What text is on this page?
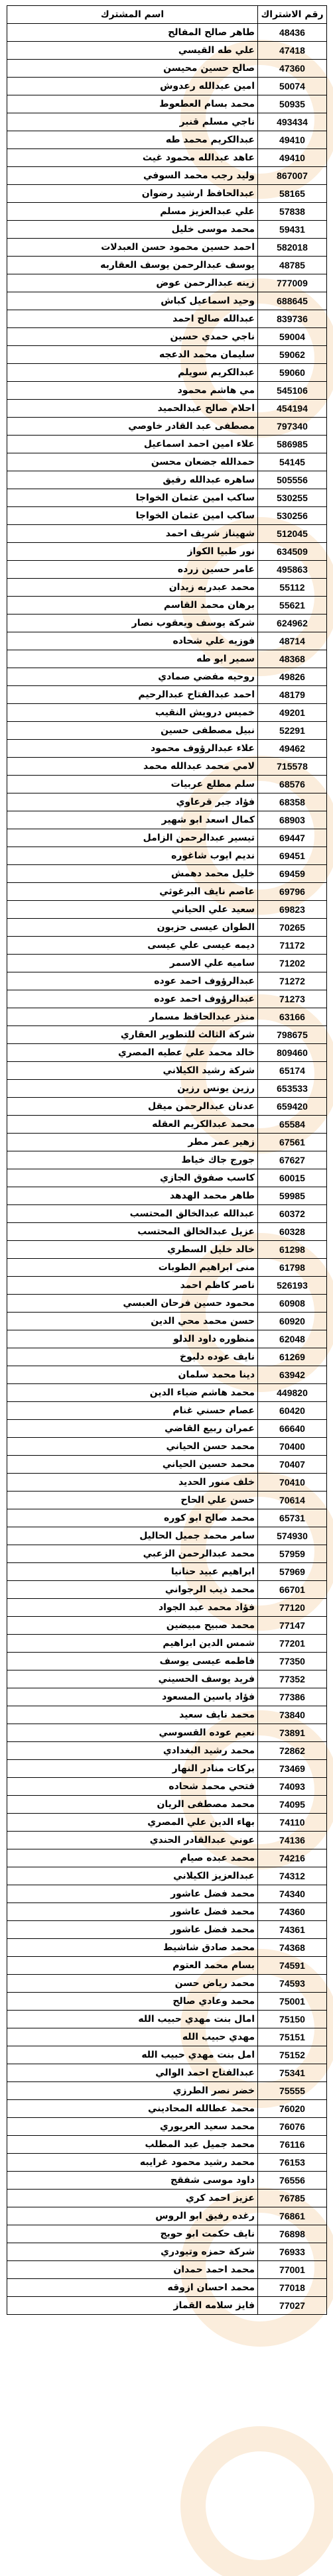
رقم الاشتراك	اسم المشترك
48436	طاهر صالح المفالح
47418	علي طه القيسي
47360	صالح حسين محيسن
50074	امين عبدالله رعدوش
50935	محمد بسام العطعوط
493434	ناجي مسلم قنبر
49410	عبدالكريم محمد طه
49410	عاهد عبدالله محمود غيث
867007	وليد رجب محمد السوفي
58165	عبدالحافظ ارشيد رضوان
57838	علي عبدالعزيز مسلم
59431	محمد موسى خليل
582018	احمد حسين محمود حسن العبدلات
48785	يوسف عبدالرحمن يوسف العقاربه
777009	زينه عبدالرحمن عوض
688645	وحيد اسماعيل كباش
839736	عبدالله صالح احمد
59004	ناجي حمدي حسين
59062	سليمان محمد الدعجه
59060	عبدالكريم سويلم
545106	مي هاشم محمود
454194	احلام صالح عبدالحميد
797340	مصطفى عبد القادر خاوصي
586985	علاء امين احمد اسماعيل
54145	حمدالله جضعان محسن
505556	ساهره عبدالله رفيق
530255	ساكب امين عثمان الخواجا
530256	ساكب امين عثمان الخواجا
512045	شهيناز شريف احمد
634509	نور طبيا الكواز
495863	عامر حسين زرده
55112	محمد عبدربه زيدان
55621	برهان محمد القاسم
624962	شركة يوسف ويعقوب نصار
48714	فوزيه علي شحاده
48368	سمير ابو طه
49826	روحيه مفضي صمادي
48179	احمد عبدالفتاح عبدالرحيم
49201	خميس درويش النقيب
52291	نبيل مصطفى حسين
49462	علاء عبدالرؤوف محمود
715578	لامي محمد عبدالله محمد
68576	سلم مطلع عربيات
68358	فؤاد جبر قرعاوي
68903	كمال اسعد ابو شهير
69447	تيسير عبدالرحمن الزامل
69451	نديم ايوب شاغوره
69459	خليل محمد دهمش
69796	عاصم نايف البرغوثي
69823	سعيد علي الحياني
70265	الطوان عيسى حزبون
71172	ديمه عيسى علي عيسى
71202	ساميه علي الاسمر
71272	عبدالرؤوف احمد عوده
71273	عبدالرؤوف احمد عوده
63166	منذر عبدالحافظ مسمار
798675	شركة الثالث للتطوير العقاري
809460	خالد محمد علي عطيه المصري
65174	شركة رشيد الكيلاني
653533	رزين يونس رزين
659420	عدنان عبدالرحمن ميقل
65584	محمد عبدالكريم العقله
67561	زهير عمر مطر
67627	جورج جاك خياط
60015	كاسب صفوق الجازي
59985	طاهر محمد الهدهد
60372	عبدالله عبدالخالق المحتسب
60328	عزيل عبدالخالق المحتسب
61298	خالد خليل السطري
61798	منى ابراهيم الطوبات
526193	ناصر كاظم احمد
60908	محمود حسين فرحان العبسي
60920	حسن محمد محي الدين
62048	منظوره داود الدلو
61269	نايف عوده دلبوخ
63942	دينا محمد سلمان
449820	محمد هاشم ضياء الدين
60420	عصام حسني غنام
66640	عمران ربيع القاضي
70400	محمد حسن الحياني
70407	محمد حسين الحياني
70410	خلف منور الحديد
70614	حسن علي الحاح
65731	محمد صالح ابو كوره
574930	سامر محمد جميل الحاليل
57959	محمد عبدالرحمن الزعبي
57969	ابراهيم عبيد حنانيا
66701	محمد ذيب الرجواني
77120	فؤاد محمد عبد الجواد
77147	محمد صبيح مبيضين
77201	شمس الدين ابراهيم
77350	فاطمه عيسى يوسف
77352	فريد يوسف الحسيني
77386	فؤاد ياسين المسعود
73840	محمد نايف سعيد
73891	نعيم عوده القسوسي
72862	محمد رشيد البغدادي
73469	بركات منادر النهار
74093	فتحي محمد شحاده
74095	محمد مصطفى الريان
74110	بهاء الدين علي المصري
74136	عوني عبدالقادر الحندي
74216	محمد عبده صيام
74312	عبدالعزيز الكيلاني
74340	محمد فضل عاشور
74360	محمد فضل عاشور
74361	محمد فضل عاشور
74368	محمد صادق شاشيط
74591	بسام محمد العتوم
74593	محمد رياض حسن
75001	محمد وعادي صالح
75150	امال بنت مهدي حبيب الله
75151	مهدي حبيب الله
75152	امل بنت مهدي حبيب الله
75341	عبدالفتاح احمد الوالي
75555	خضر نصر الطرزي
76020	محمد عطالله المحاديني
76076	محمد سعيد العريوري
76116	محمد جميل عبد المطلب
76153	محمد رشيد محمود غرايبه
76556	داود موسى شفقج
76785	عزيز احمد كري
76861	رغده رفيق ابو الروس
76898	نايف حكمت ابو حويج
76933	شركة حمزه وتيودري
77001	محمد احمد حمدان
77018	محمد احسان ازوقه
77027	فايز سلامه القماز
